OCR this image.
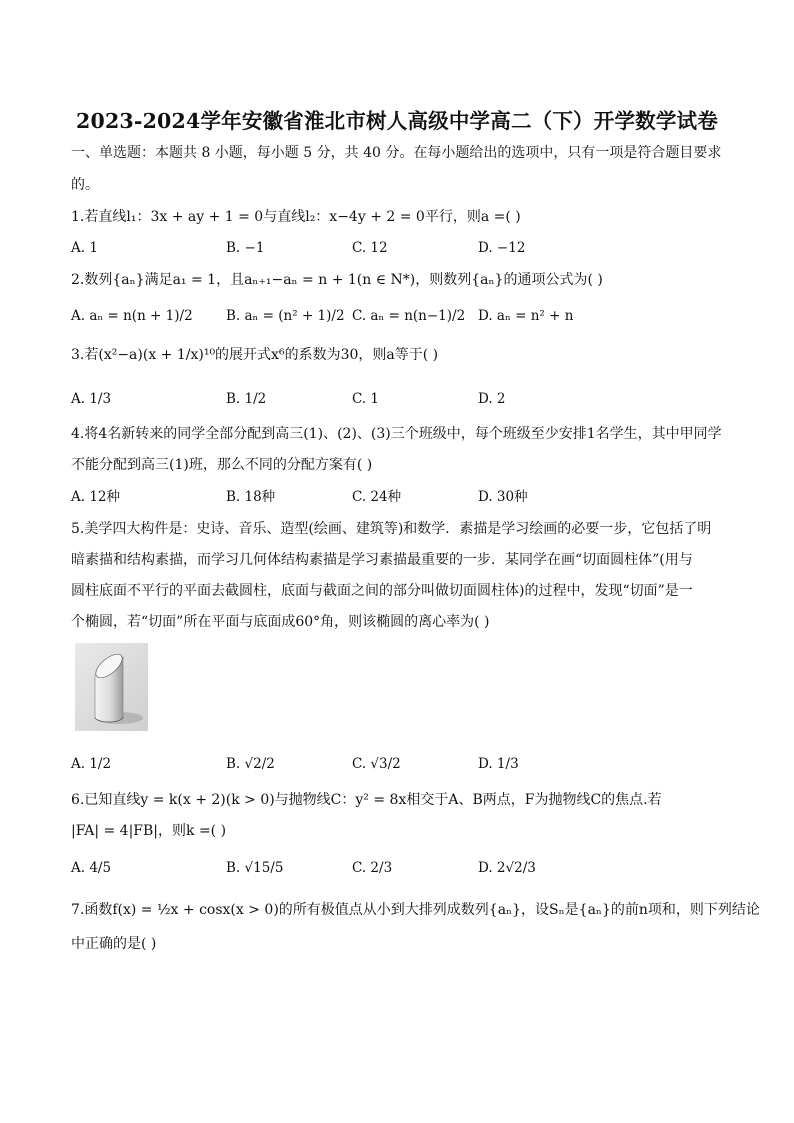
2023-2024学年安徽省淮北市树人高级中学高二（下）开学数学试卷
一、单选题：本题共 8 小题，每小题 5 分，共 40 分。在每小题给出的选项中，只有一项是符合题目要求
的。
1.若直线l₁：3x + ay + 1 = 0与直线l₂：x−4y + 2 = 0平行，则a =( )
A. 1	B. −1	C. 12	D. −12
2.数列{aₙ}满足a₁ = 1，且aₙ₊₁−aₙ = n + 1(n ∈ N*)，则数列{aₙ}的通项公式为( )
A. aₙ = n(n + 1)/2 B. aₙ = (n² + 1)/2 C. aₙ = n(n−1)/2 D. aₙ = n² + n
3.若(x²−a)(x + 1/x)¹⁰的展开式x⁶的系数为30，则a等于( )
A. 1/3	B. 1/2	C. 1	D. 2
4.将4名新转来的同学全部分配到高三(1)、(2)、(3)三个班级中，每个班级至少安排1名学生，其中甲同学
不能分配到高三(1)班，那么不同的分配方案有( )
A. 12种	B. 18种	C. 24种	D. 30种
5.美学四大构件是：史诗、音乐、造型(绘画、建筑等)和数学．素描是学习绘画的必要一步，它包括了明
暗素描和结构素描，而学习几何体结构素描是学习素描最重要的一步．某同学在画“切面圆柱体”(用与
圆柱底面不平行的平面去截圆柱，底面与截面之间的部分叫做切面圆柱体)的过程中，发现“切面”是一
个椭圆，若“切面”所在平面与底面成60°角，则该椭圆的离心率为( )
A. 1/2	B. √2/2	C. √3/2	D. 1/3
6.已知直线y = k(x + 2)(k > 0)与抛物线C：y² = 8x相交于A、B两点，F为抛物线C的焦点.若
|FA| = 4|FB|，则k =( )
A. 4/5	B. √15/5	C. 2/3	D. 2√2/3
7.函数f(x) = ½x + cosx(x > 0)的所有极值点从小到大排列成数列{aₙ}，设Sₙ是{aₙ}的前n项和，则下列结论
中正确的是( )
